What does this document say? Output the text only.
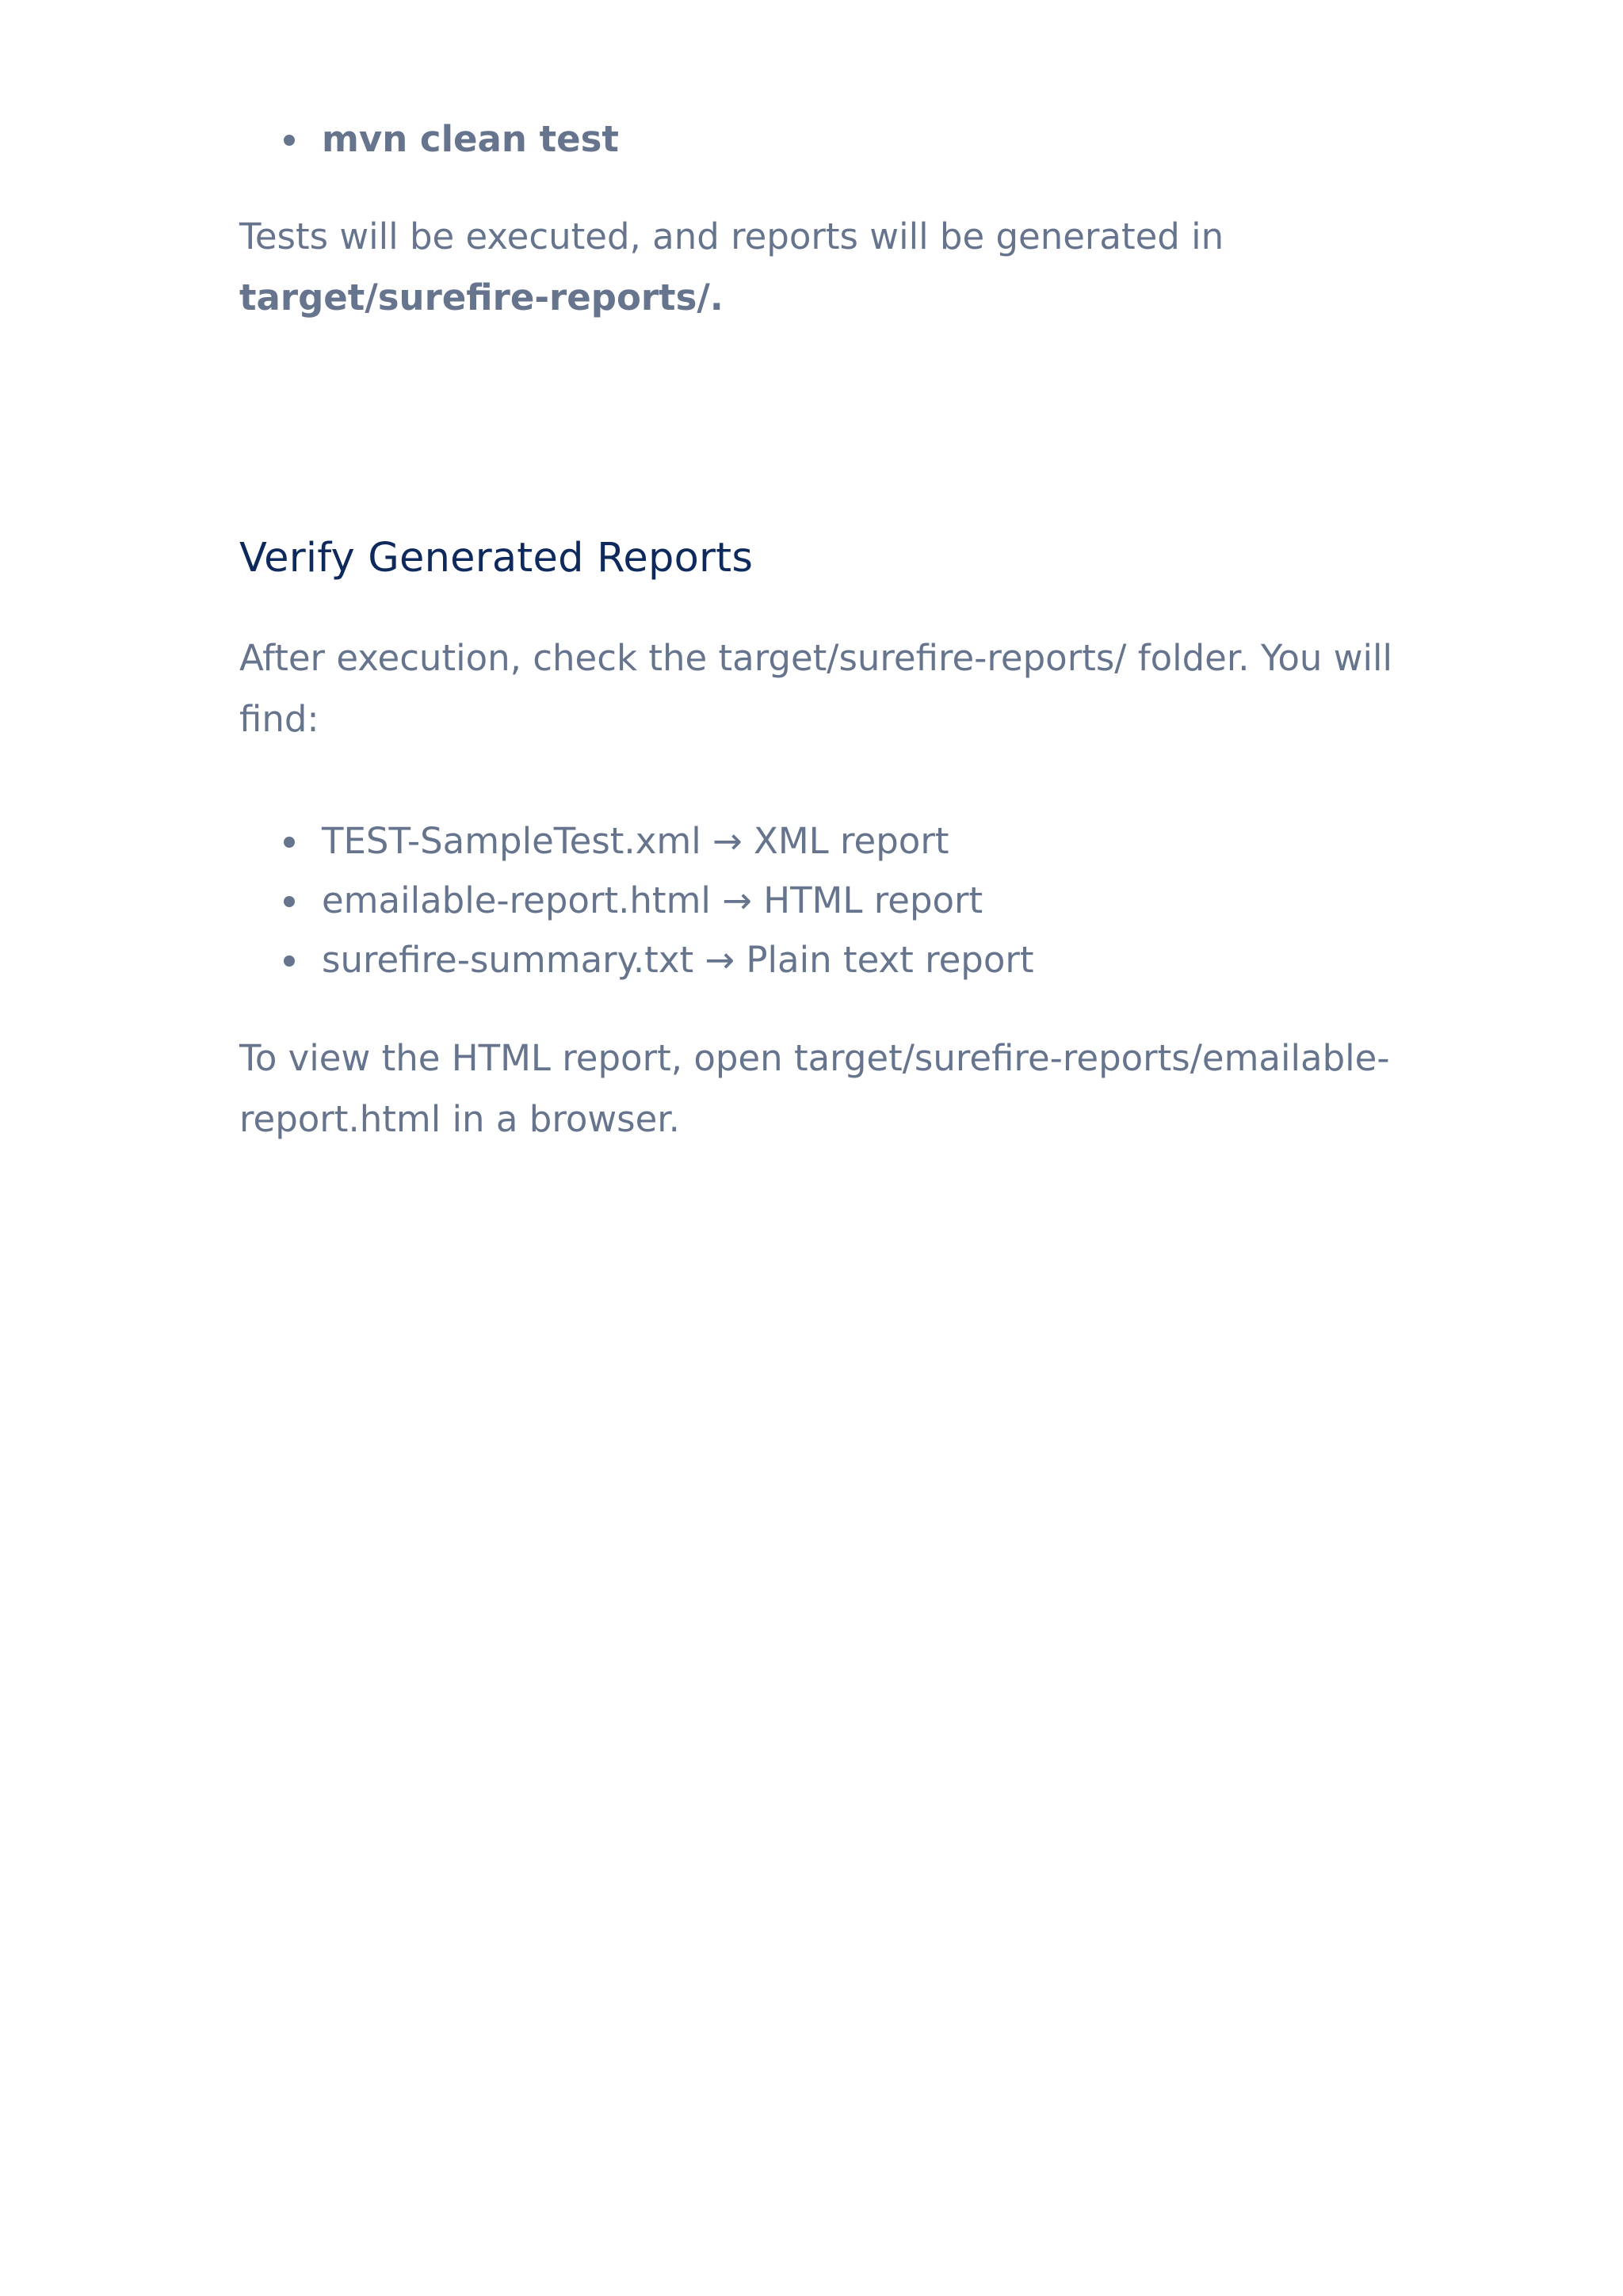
mvn clean test

Tests will be executed, and reports will be generated in
target/surefire-reports/.

Verify Generated Reports

After execution, check the target/surefire-reports/ folder. You will find:

TEST-SampleTest.xml → XML report
emailable-report.html → HTML report
surefire-summary.txt → Plain text report

To view the HTML report, open target/surefire-reports/emailable-report.html in a browser.
